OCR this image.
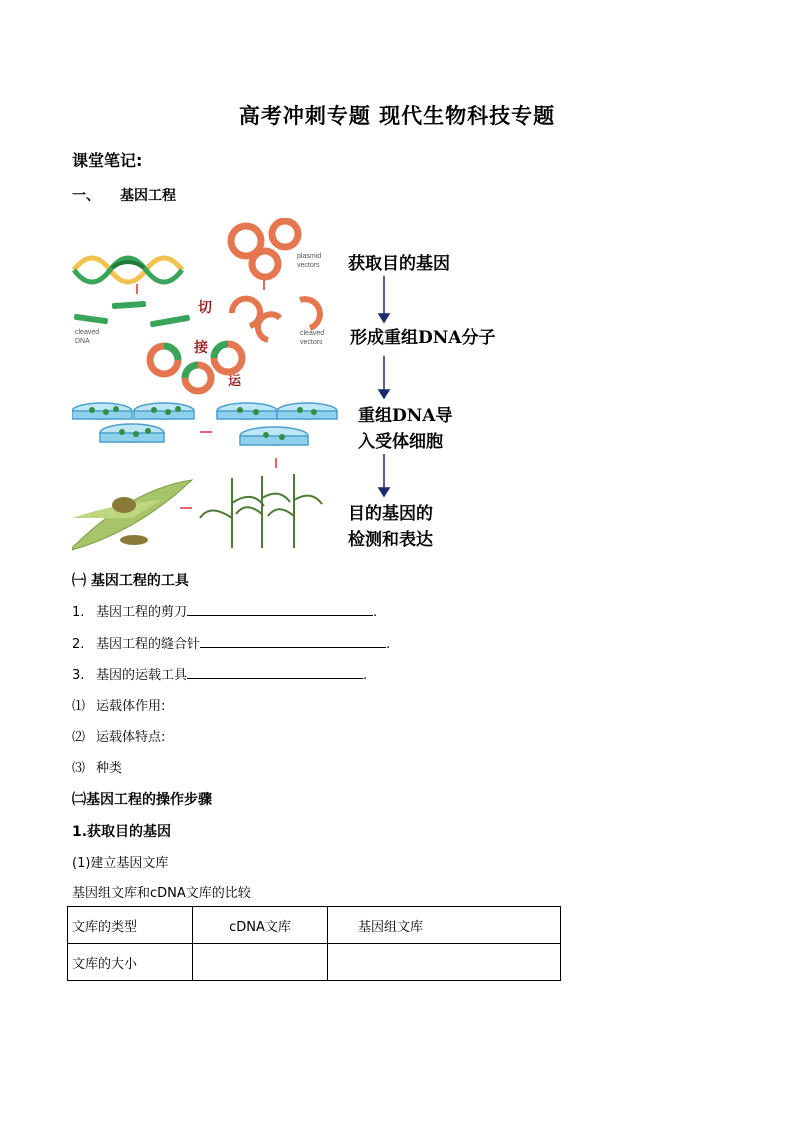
高考冲刺专题 现代生物科技专题
课堂笔记:
一、 基因工程
cleaved
DNA
plasmid
vectors
cleaved
vectors
切
接
运
获取目的基因
形成重组DNA分子
重组DNA导
入受体细胞
目的基因的
检测和表达
㈠ 基因工程的工具
1. 基因工程的剪刀	.
2. 基因工程的缝合针	.
3. 基因的运载工具	.
⑴ 运载体作用:
⑵ 运载体特点:
⑶ 种类
㈡基因工程的操作步骤
1.获取目的基因
(1)建立基因文库
基因组文库和cDNA文库的比较
文库的类型	cDNA文库	基因组文库
文库的大小		
